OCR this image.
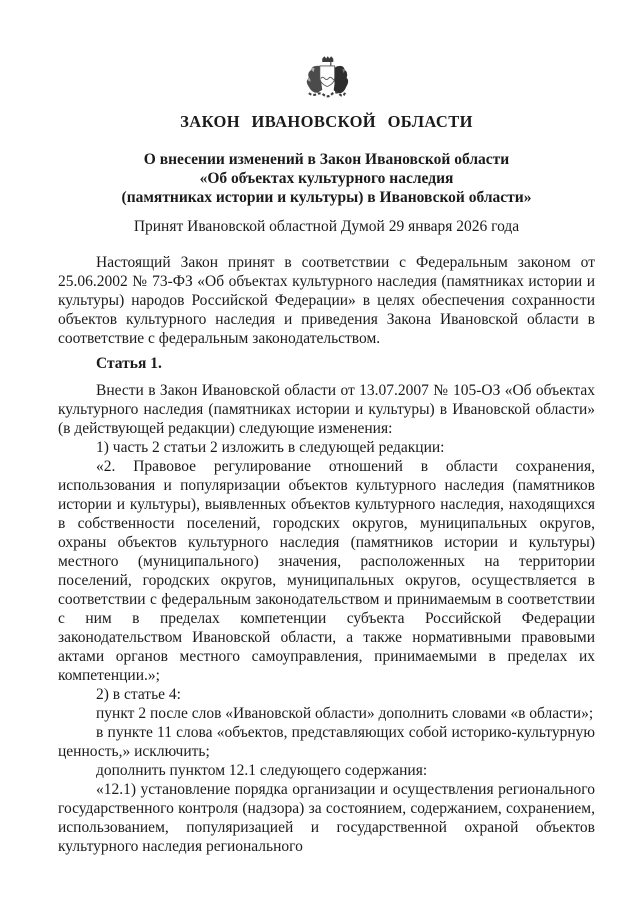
ЗАКОН ИВАНОВСКОЙ ОБЛАСТИ

О внесении изменений в Закон Ивановской области

«Об объектах культурного наследия

(памятниках истории и культуры) в Ивановской области»

Принят Ивановской областной Думой 29 января 2026 года

Настоящий Закон принят в соответствии с Федеральным законом от 25.06.2002 № 73-ФЗ «Об объектах культурного наследия (памятниках истории и культуры) народов Российской Федерации» в целях обеспечения сохранности объектов культурного наследия и приведения Закона Ивановской области в соответствие с федеральным законодательством.

Статья 1.

Внести в Закон Ивановской области от 13.07.2007 № 105-ОЗ «Об объектах культурного наследия (памятниках истории и культуры) в Ивановской области» (в действующей редакции) следующие изменения:

1) часть 2 статьи 2 изложить в следующей редакции:

«2. Правовое регулирование отношений в области сохранения, использования и популяризации объектов культурного наследия (памятников истории и культуры), выявленных объектов культурного наследия, находящихся в собственности поселений, городских округов, муниципальных округов, охраны объектов культурного наследия (памятников истории и культуры) местного (муниципального) значения, расположенных на территории поселений, городских округов, муниципальных округов, осуществляется в соответствии с федеральным законодательством и принимаемым в соответствии с ним в пределах компетенции субъекта Российской Федерации законодательством Ивановской области, а также нормативными правовыми актами органов местного самоуправления, принимаемыми в пределах их компетенции.»;

2) в статье 4:

пункт 2 после слов «Ивановской области» дополнить словами «в области»;

в пункте 11 слова «объектов, представляющих собой историко-культурную ценность,» исключить;

дополнить пунктом 12.1 следующего содержания:

«12.1) установление порядка организации и осуществления регионального государственного контроля (надзора) за состоянием, содержанием, сохранением, использованием, популяризацией и государственной охраной объектов культурного наследия регионального
